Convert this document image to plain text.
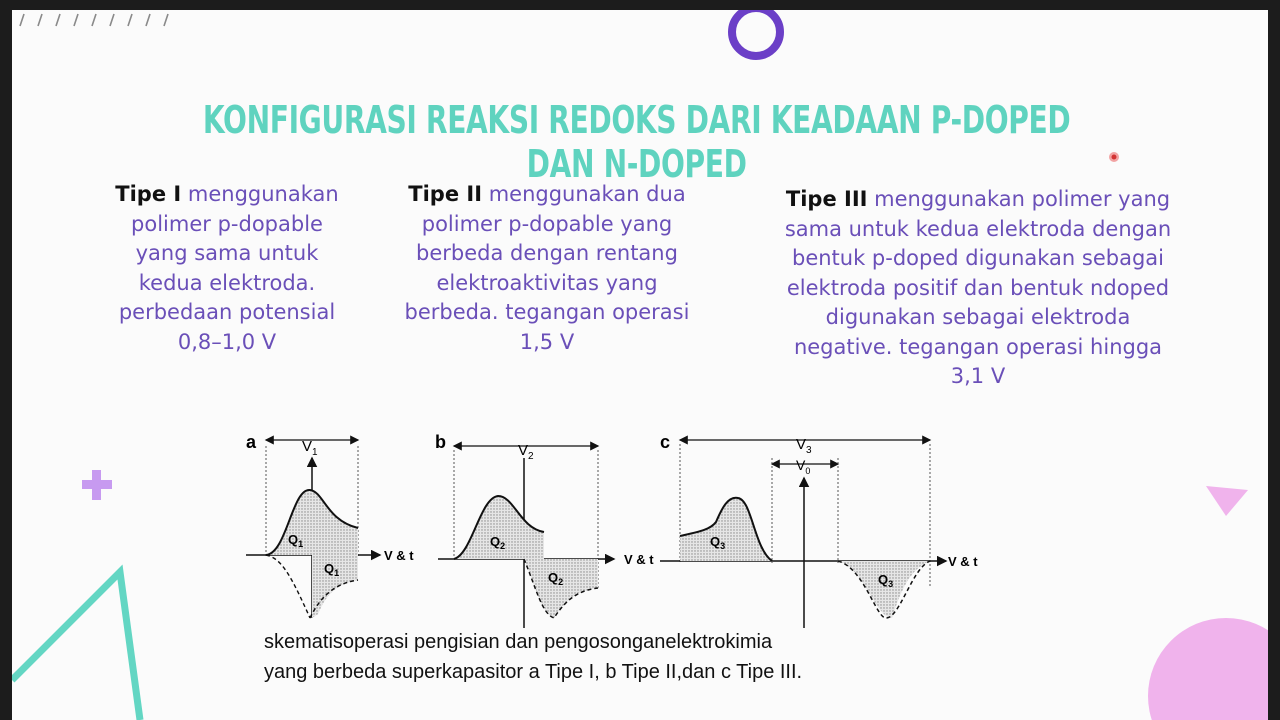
KONFIGURASI REAKSI REDOKS DARI KEADAAN P-DOPED DAN N-DOPED
Tipe I menggunakan
polimer p-dopable
yang sama untuk
kedua elektroda.
perbedaan potensial
0,8–1,0 V
Tipe II menggunakan dua
polimer p-dopable yang
berbeda dengan rentang
elektroaktivitas yang
berbeda. tegangan operasi
1,5 V
Tipe III menggunakan polimer yang
sama untuk kedua elektroda dengan
bentuk p-doped digunakan sebagai
elektroda positif dan bentuk ndoped
digunakan sebagai elektroda
negative. tegangan operasi hingga
3,1 V
a	$V_1$
$Q_1$
$Q_1$
V & t
b	$V_2$
$Q_2$
$Q_2$
V & t
c	$V_3$
$V_0$
$Q_3$
$Q_3$
V & t
skematisoperasi pengisian dan pengosonganelektrokimia
yang berbeda superkapasitor a Tipe I, b Tipe II,dan c Tipe III.
